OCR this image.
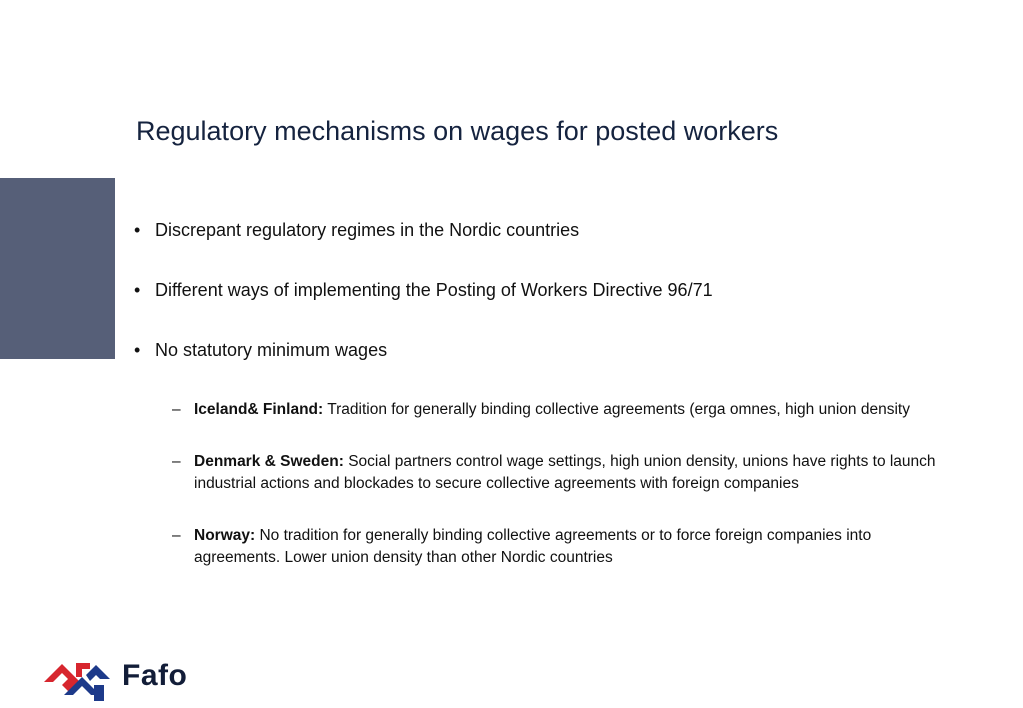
Regulatory mechanisms on wages for posted workers
• Discrepant regulatory regimes in the Nordic countries
• Different ways of implementing the Posting of Workers Directive 96/71
• No statutory minimum wages
– Iceland& Finland: Tradition for generally binding collective agreements (erga omnes, high union density
– Denmark & Sweden: Social partners control wage settings, high union density, unions have rights to launch industrial actions and blockades to secure collective agreements with foreign companies
– Norway: No tradition for generally binding collective agreements or to force foreign companies into agreements. Lower union density than other Nordic countries
Fafo
